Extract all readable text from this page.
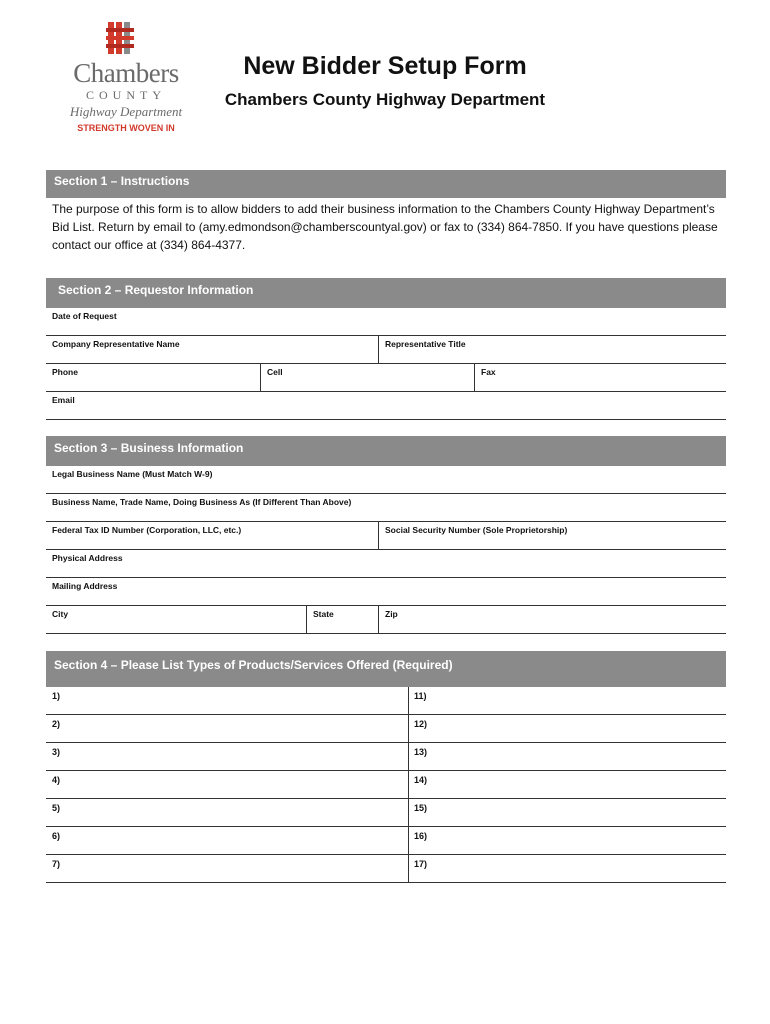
Chambers
COUNTY
Highway Department
STRENGTH WOVEN IN
New Bidder Setup Form
Chambers County Highway Department
Section 1 – Instructions
The purpose of this form is to allow bidders to add their business information to the Chambers County Highway Department’s Bid List. Return by email to (amy.edmondson@chamberscountyal.gov) or fax to (334) 864-7850. If you have questions please contact our office at (334) 864-4377.
Section 2 – Requestor Information
Date of Request
Company Representative Name	Representative Title
Phone	Cell	Fax
Email
Section 3 – Business Information
Legal Business Name (Must Match W-9)
Business Name, Trade Name, Doing Business As (If Different Than Above)
Federal Tax ID Number (Corporation, LLC, etc.)	Social Security Number (Sole Proprietorship)
Physical Address
Mailing Address
City	State	Zip
Section 4 – Please List Types of Products/Services Offered (Required)
1)	11)
2)	12)
3)	13)
4)	14)
5)	15)
6)	16)
7)	17)
